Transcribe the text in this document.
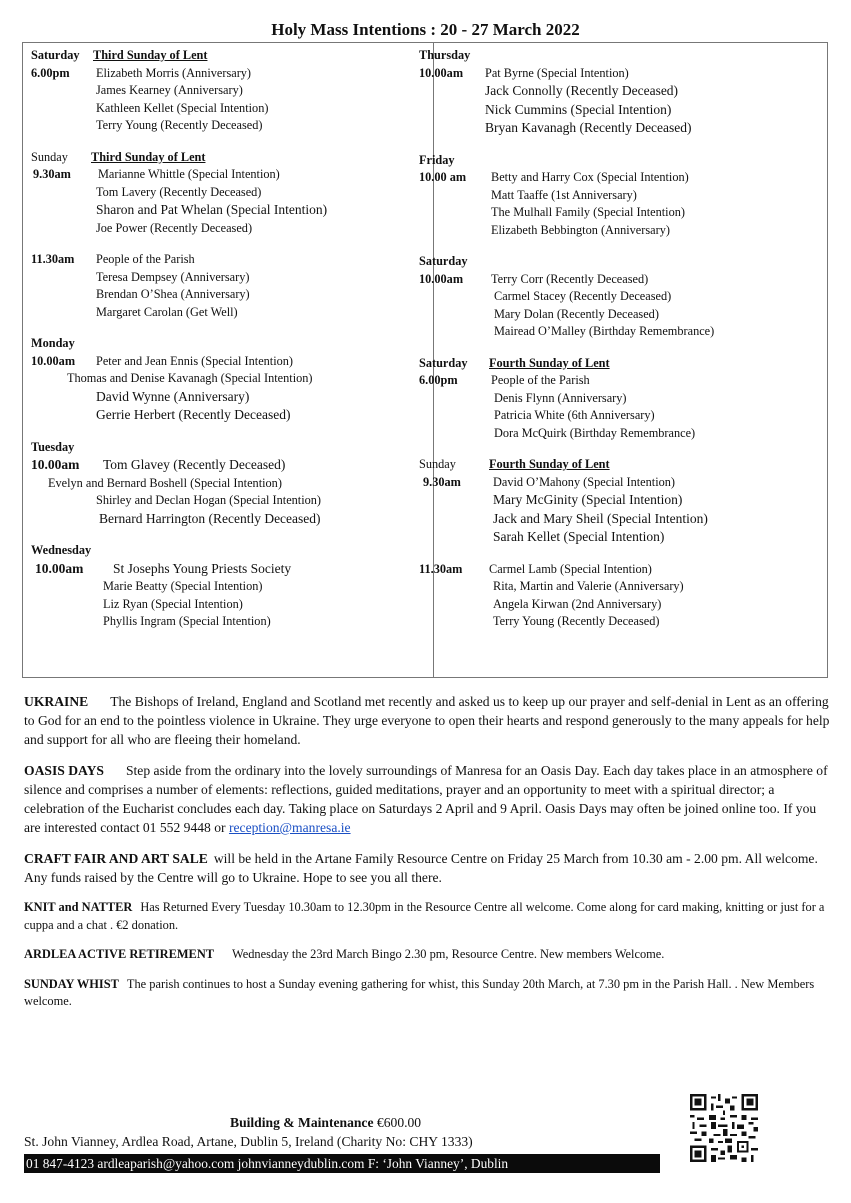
Holy Mass Intentions : 20 - 27 March 2022
Saturday	Third Sunday of Lent
6.00pm	Elizabeth Morris (Anniversary)
James Kearney (Anniversary)
Kathleen Kellet (Special Intention)
Terry Young (Recently Deceased)
Sunday	Third Sunday of Lent
9.30am	Marianne Whittle (Special Intention)
Tom Lavery (Recently Deceased)
Sharon and Pat Whelan (Special Intention)
Joe Power (Recently Deceased)
11.30am	People of the Parish
Teresa Dempsey (Anniversary)
Brendan O’Shea (Anniversary)
Margaret Carolan (Get Well)
Monday
10.00am	Peter and Jean Ennis (Special Intention)
Thomas and Denise Kavanagh (Special Intention)
David Wynne (Anniversary)
Gerrie Herbert (Recently Deceased)
Tuesday
10.00am	Tom Glavey (Recently Deceased)
Evelyn and Bernard Boshell (Special Intention)
Shirley and Declan Hogan (Special Intention)
Bernard Harrington (Recently Deceased)
Wednesday
10.00am	St Josephs Young Priests Society
Marie Beatty (Special Intention)
Liz Ryan (Special Intention)
Phyllis Ingram (Special Intention)
Thursday
10.00am	Pat Byrne (Special Intention)
Jack Connolly (Recently Deceased)
Nick Cummins (Special Intention)
Bryan Kavanagh (Recently Deceased)
Friday
10.00 am	Betty and Harry Cox (Special Intention)
Matt Taaffe (1st Anniversary)
The Mulhall Family (Special Intention)
Elizabeth Bebbington (Anniversary)
Saturday
10.00am	Terry Corr (Recently Deceased)
Carmel Stacey (Recently Deceased)
Mary Dolan (Recently Deceased)
Mairead O’Malley (Birthday Remembrance)
Saturday	Fourth Sunday of Lent
6.00pm	People of the Parish
Denis Flynn (Anniversary)
Patricia White (6th Anniversary)
Dora McQuirk (Birthday Remembrance)
Sunday	Fourth Sunday of Lent
9.30am	David O’Mahony (Special Intention)
Mary McGinity (Special Intention)
Jack and Mary Sheil (Special Intention)
Sarah Kellet (Special Intention)
11.30am	Carmel Lamb (Special Intention)
Rita, Martin and Valerie (Anniversary)
Angela Kirwan (2nd Anniversary)
Terry Young (Recently Deceased)
UKRAINE The Bishops of Ireland, England and Scotland met recently and asked us to keep up our prayer and self-denial in Lent as an offering to God for an end to the pointless violence in Ukraine. They urge everyone to open their hearts and respond generously to the many appeals for help and support for all who are fleeing their homeland.
OASIS DAYS Step aside from the ordinary into the lovely surroundings of Manresa for an Oasis Day. Each day takes place in an atmosphere of silence and comprises a number of elements: reflections, guided meditations, prayer and an opportunity to meet with a spiritual director; a celebration of the Eucharist concludes each day. Taking place on Saturdays 2 April and 9 April. Oasis Days may often be joined online too. If you are interested contact 01 552 9448 or reception@manresa.ie
CRAFT FAIR AND ART SALE will be held in the Artane Family Resource Centre on Friday 25 March from 10.30 am - 2.00 pm. All welcome. Any funds raised by the Centre will go to Ukraine. Hope to see you all there.
KNIT and NATTER Has Returned Every Tuesday 10.30am to 12.30pm in the Resource Centre all welcome. Come along for card making, knitting or just for a cuppa and a chat . €2 donation.
ARDLEA ACTIVE RETIREMENT Wednesday the 23rd March Bingo 2.30 pm, Resource Centre. New members Welcome.
SUNDAY WHIST The parish continues to host a Sunday evening gathering for whist, this Sunday 20th March, at 7.30 pm in the Parish Hall. . New Members welcome.
Building & Maintenance €600.00
St. John Vianney, Ardlea Road, Artane, Dublin 5, Ireland (Charity No: CHY 1333)
01 847-4123 ardleaparish@yahoo.com johnvianneydublin.com F: ‘John Vianney’, Dublin
